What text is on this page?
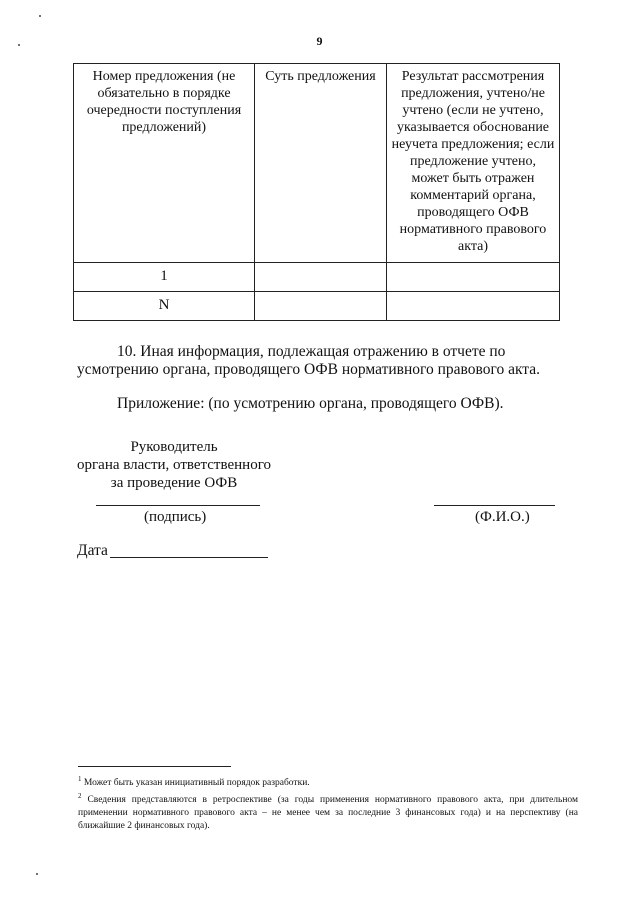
9
Номер предложения (не обязательно в порядке очередности поступления предложений)	Суть предложения	Результат рассмотрения предложения, учтено/не учтено (если не учтено, указывается обоснование неучета предложения; если предложение учтено, может быть отражен комментарий органа, проводящего ОФВ нормативного правового акта)
1		
N		
10. Иная информация, подлежащая отражению в отчете по усмотрению органа, проводящего ОФВ нормативного правового акта.
Приложение: (по усмотрению органа, проводящего ОФВ).
Руководитель
органа власти, ответственного
за проведение ОФВ
(подпись)	(Ф.И.О.)
Дата

$^1$ Может быть указан инициативный порядок разработки.

$^2$ Сведения представляются в ретроспективе (за годы применения нормативного правового акта, при длительном применении нормативного правового акта – не менее чем за последние 3 финансовых года) и на перспективу (на ближайшие 2 финансовых года).
